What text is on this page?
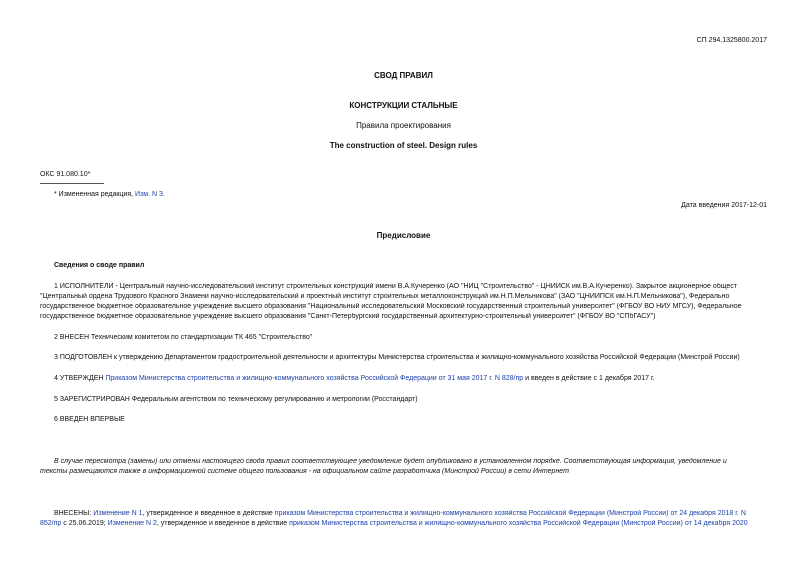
СП 294.1325800.2017
СВОД ПРАВИЛ
КОНСТРУКЦИИ СТАЛЬНЫЕ
Правила проектирования
The construction of steel. Design rules
ОКС 91.080.10*
* Измененная редакция, Изм. N 3.
Дата введения 2017-12-01
Предисловие
Сведения о своде правил
1 ИСПОЛНИТЕЛИ - Центральный научно-исследовательский институт строительных конструкций имени В.А.Кучеренко (АО "НИЦ "Строительство" - ЦНИИСК им.В.А.Кучеренко). Закрытое акционерное общест
"Центральный ордена Трудового Красного Знамени научно-исследовательский и проектный институт строительных металлоконструкций им.Н.П.Мельникова" (ЗАО "ЦНИИПСК им.Н.П.Мельникова"), Федерально
государственное бюджетное образовательное учреждение высшего образования "Национальный исследовательский Московский государственный строительный университет" (ФГБОУ ВО НИУ МГСУ), Федеральное
государственное бюджетное образовательное учреждение высшего образования "Санкт-Петербургский государственный архитектурно-строительный университет" (ФГБОУ ВО "СПбГАСУ")
2 ВНЕСЕН Техническим комитетом по стандартизации ТК 465 "Строительство"
3 ПОДГОТОВЛЕН к утверждению Департаментом градостроительной деятельности и архитектуры Министерства строительства и жилищно-коммунального хозяйства Российской Федерации (Минстрой России)
4 УТВЕРЖДЕН Приказом Министерства строительства и жилищно-коммунального хозяйства Российской Федерации от 31 мая 2017 г. N 828/пр и введен в действие с 1 декабря 2017 г.
5 ЗАРЕГИСТРИРОВАН Федеральным агентством по техническому регулированию и метрологии (Росстандарт)
6 ВВЕДЕН ВПЕРВЫЕ
В случае пересмотра (замены) или отмены настоящего свода правил соответствующее уведомление будет опубликовано в установленном порядке. Соответствующая информация, уведомление и
тексты размещаются также в информационной системе общего пользования - на официальном сайте разработчика (Минстрой России) в сети Интернет
ВНЕСЕНЫ: Изменение N 1, утвержденное и введенное в действие приказом Министерства строительства и жилищно-коммунального хозяйства Российской Федерации (Минстрой России) от 24 декабря 2018 г. N
852/пр с 25.06.2019; Изменение N 2, утвержденное и введенное в действие приказом Министерства строительства и жилищно-коммунального хозяйства Российской Федерации (Минстрой России) от 14 декабря 2020
